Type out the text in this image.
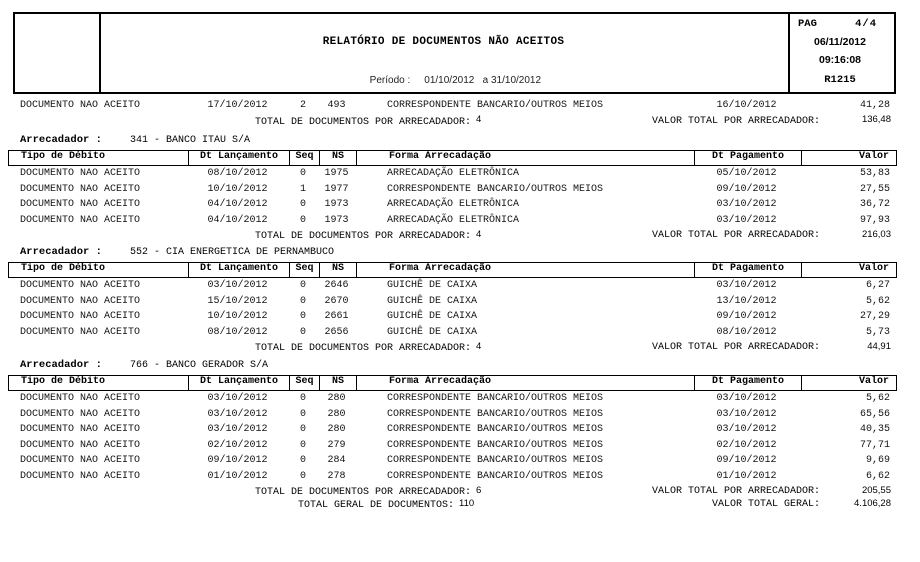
RELATÓRIO DE DOCUMENTOS NÃO ACEITOS

Período : 01/10/2012   a 31/10/2012

PAG	4/4
06/11/2012
09:16:08
R1215
DOCUMENTO NAO ACEITO	17/10/2012	2	493	CORRESPONDENTE BANCARIO/OUTROS MEIOS	16/10/2012	41,28
TOTAL DE DOCUMENTOS POR ARRECADADOR: 4	VALOR TOTAL POR ARRECADADOR:	136,48
Arrecadador :	341 - BANCO ITAU S/A
Tipo de Débito	Dt Lançamento	Seq	NS	Forma Arrecadação	Dt Pagamento	Valor
DOCUMENTO NAO ACEITO	08/10/2012	0	1975	ARRECADAÇÃO ELETRÔNICA	05/10/2012	53,83
DOCUMENTO NAO ACEITO	10/10/2012	1	1977	CORRESPONDENTE BANCARIO/OUTROS MEIOS	09/10/2012	27,55
DOCUMENTO NAO ACEITO	04/10/2012	0	1973	ARRECADAÇÃO ELETRÔNICA	03/10/2012	36,72
DOCUMENTO NAO ACEITO	04/10/2012	0	1973	ARRECADAÇÃO ELETRÔNICA	03/10/2012	97,93
TOTAL DE DOCUMENTOS POR ARRECADADOR: 4	VALOR TOTAL POR ARRECADADOR:	216,03
Arrecadador :	552 - CIA ENERGETICA DE PERNAMBUCO
Tipo de Débito	Dt Lançamento	Seq	NS	Forma Arrecadação	Dt Pagamento	Valor
DOCUMENTO NAO ACEITO	03/10/2012	0	2646	GUICHÊ DE CAIXA	03/10/2012	6,27
DOCUMENTO NAO ACEITO	15/10/2012	0	2670	GUICHÊ DE CAIXA	13/10/2012	5,62
DOCUMENTO NAO ACEITO	10/10/2012	0	2661	GUICHÊ DE CAIXA	09/10/2012	27,29
DOCUMENTO NAO ACEITO	08/10/2012	0	2656	GUICHÊ DE CAIXA	08/10/2012	5,73
TOTAL DE DOCUMENTOS POR ARRECADADOR: 4	VALOR TOTAL POR ARRECADADOR:	44,91
Arrecadador :	766 - BANCO GERADOR S/A
Tipo de Débito	Dt Lançamento	Seq	NS	Forma Arrecadação	Dt Pagamento	Valor
DOCUMENTO NAO ACEITO	03/10/2012	0	280	CORRESPONDENTE BANCARIO/OUTROS MEIOS	03/10/2012	5,62
DOCUMENTO NAO ACEITO	03/10/2012	0	280	CORRESPONDENTE BANCARIO/OUTROS MEIOS	03/10/2012	65,56
DOCUMENTO NAO ACEITO	03/10/2012	0	280	CORRESPONDENTE BANCARIO/OUTROS MEIOS	03/10/2012	40,35
DOCUMENTO NAO ACEITO	02/10/2012	0	279	CORRESPONDENTE BANCARIO/OUTROS MEIOS	02/10/2012	77,71
DOCUMENTO NAO ACEITO	09/10/2012	0	284	CORRESPONDENTE BANCARIO/OUTROS MEIOS	09/10/2012	9,69
DOCUMENTO NAO ACEITO	01/10/2012	0	278	CORRESPONDENTE BANCARIO/OUTROS MEIOS	01/10/2012	6,62
TOTAL DE DOCUMENTOS POR ARRECADADOR: 6	VALOR TOTAL POR ARRECADADOR:	205,55
TOTAL GERAL DE DOCUMENTOS: 110	VALOR TOTAL GERAL:	4.106,28
